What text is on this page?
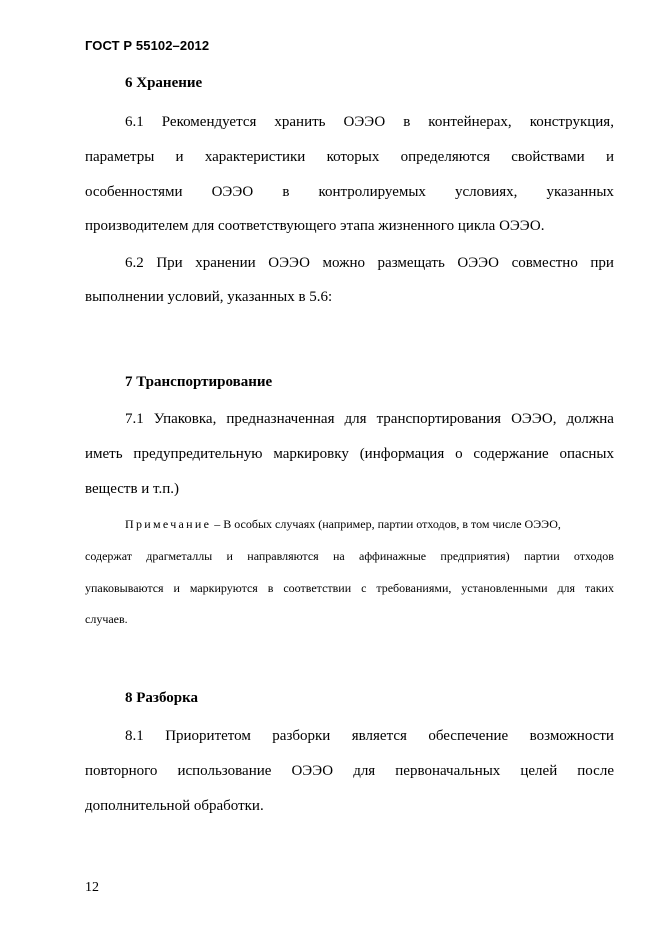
ГОСТ Р 55102–2012
6 Хранение
6.1 Рекомендуется хранить ОЭЭО в контейнерах, конструкция,
параметры и характеристики которых определяются свойствами и
особенностями ОЭЭО в контролируемых условиях, указанных
производителем для соответствующего этапа жизненного цикла ОЭЭО.
6.2 При хранении ОЭЭО можно размещать ОЭЭО совместно при
выполнении условий, указанных в 5.6:
7 Транспортирование
7.1 Упаковка, предназначенная для транспортирования ОЭЭО, должна
иметь предупредительную маркировку (информация о содержание опасных
веществ и т.п.)
Примечание – В особых случаях (например, партии отходов, в том числе ОЭЭО,
содержат драгметаллы и направляются на аффинажные предприятия) партии отходов
упаковываются и маркируются в соответствии с требованиями, установленными для таких
случаев.
8 Разборка
8.1 Приоритетом разборки является обеспечение возможности
повторного использование ОЭЭО для первоначальных целей после
дополнительной обработки.
12
